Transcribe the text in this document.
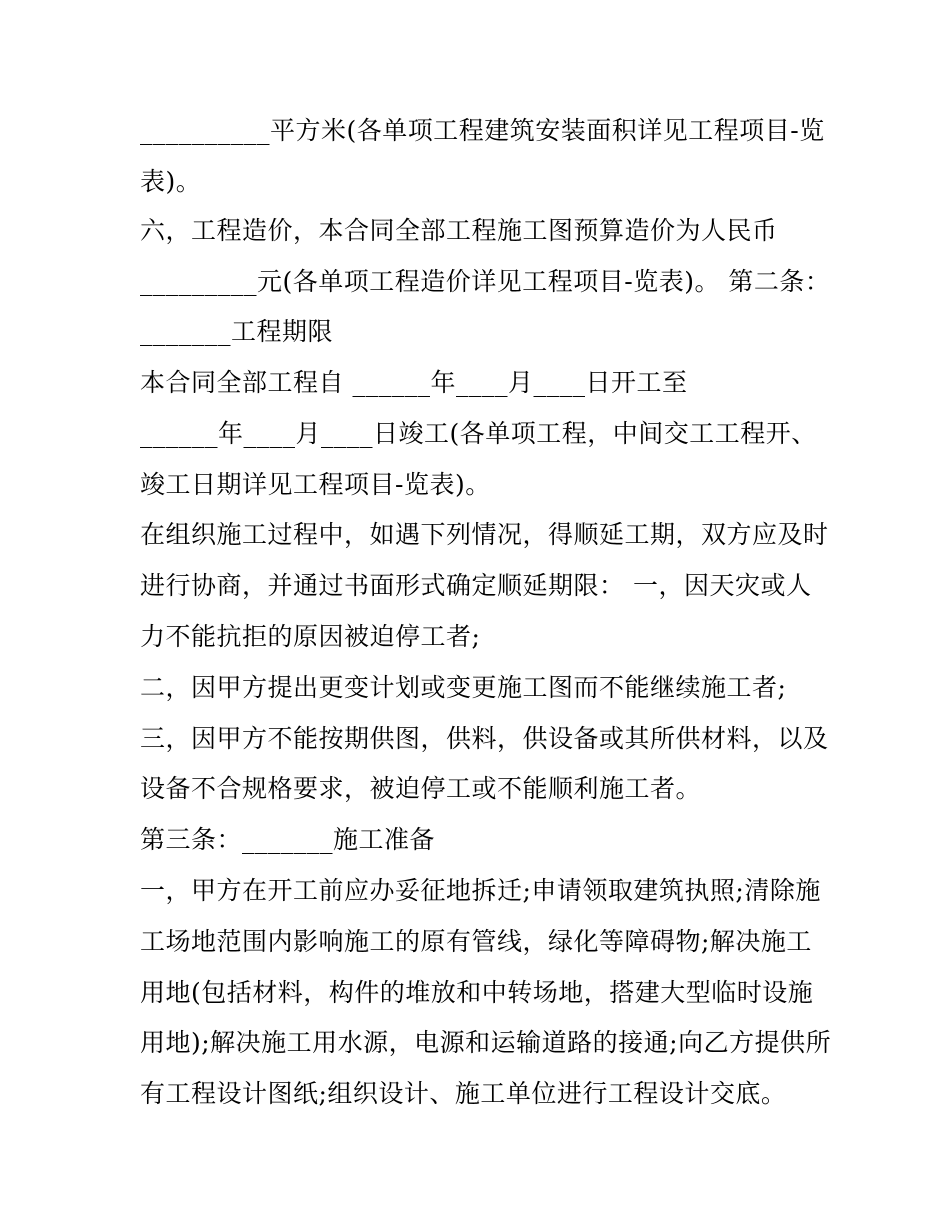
__________平方米(各单项工程建筑安装面积详见工程项目-览
表)。
六，工程造价，本合同全部工程施工图预算造价为人民币
_________元(各单项工程造价详见工程项目-览表)。 第二条：
_______工程期限
本合同全部工程自 ______年____月____日开工至
______年____月____日竣工(各单项工程，中间交工工程开、
竣工日期详见工程项目-览表)。
在组织施工过程中，如遇下列情况，得顺延工期，双方应及时
进行协商，并通过书面形式确定顺延期限： 一，因天灾或人
力不能抗拒的原因被迫停工者;
二，因甲方提出更变计划或变更施工图而不能继续施工者;
三，因甲方不能按期供图，供料，供设备或其所供材料，以及
设备不合规格要求，被迫停工或不能顺利施工者。
第三条：_______施工准备
一，甲方在开工前应办妥征地拆迁;申请领取建筑执照;清除施
工场地范围内影响施工的原有管线，绿化等障碍物;解决施工
用地(包括材料，构件的堆放和中转场地，搭建大型临时设施
用地);解决施工用水源，电源和运输道路的接通;向乙方提供所
有工程设计图纸;组织设计、施工单位进行工程设计交底。
